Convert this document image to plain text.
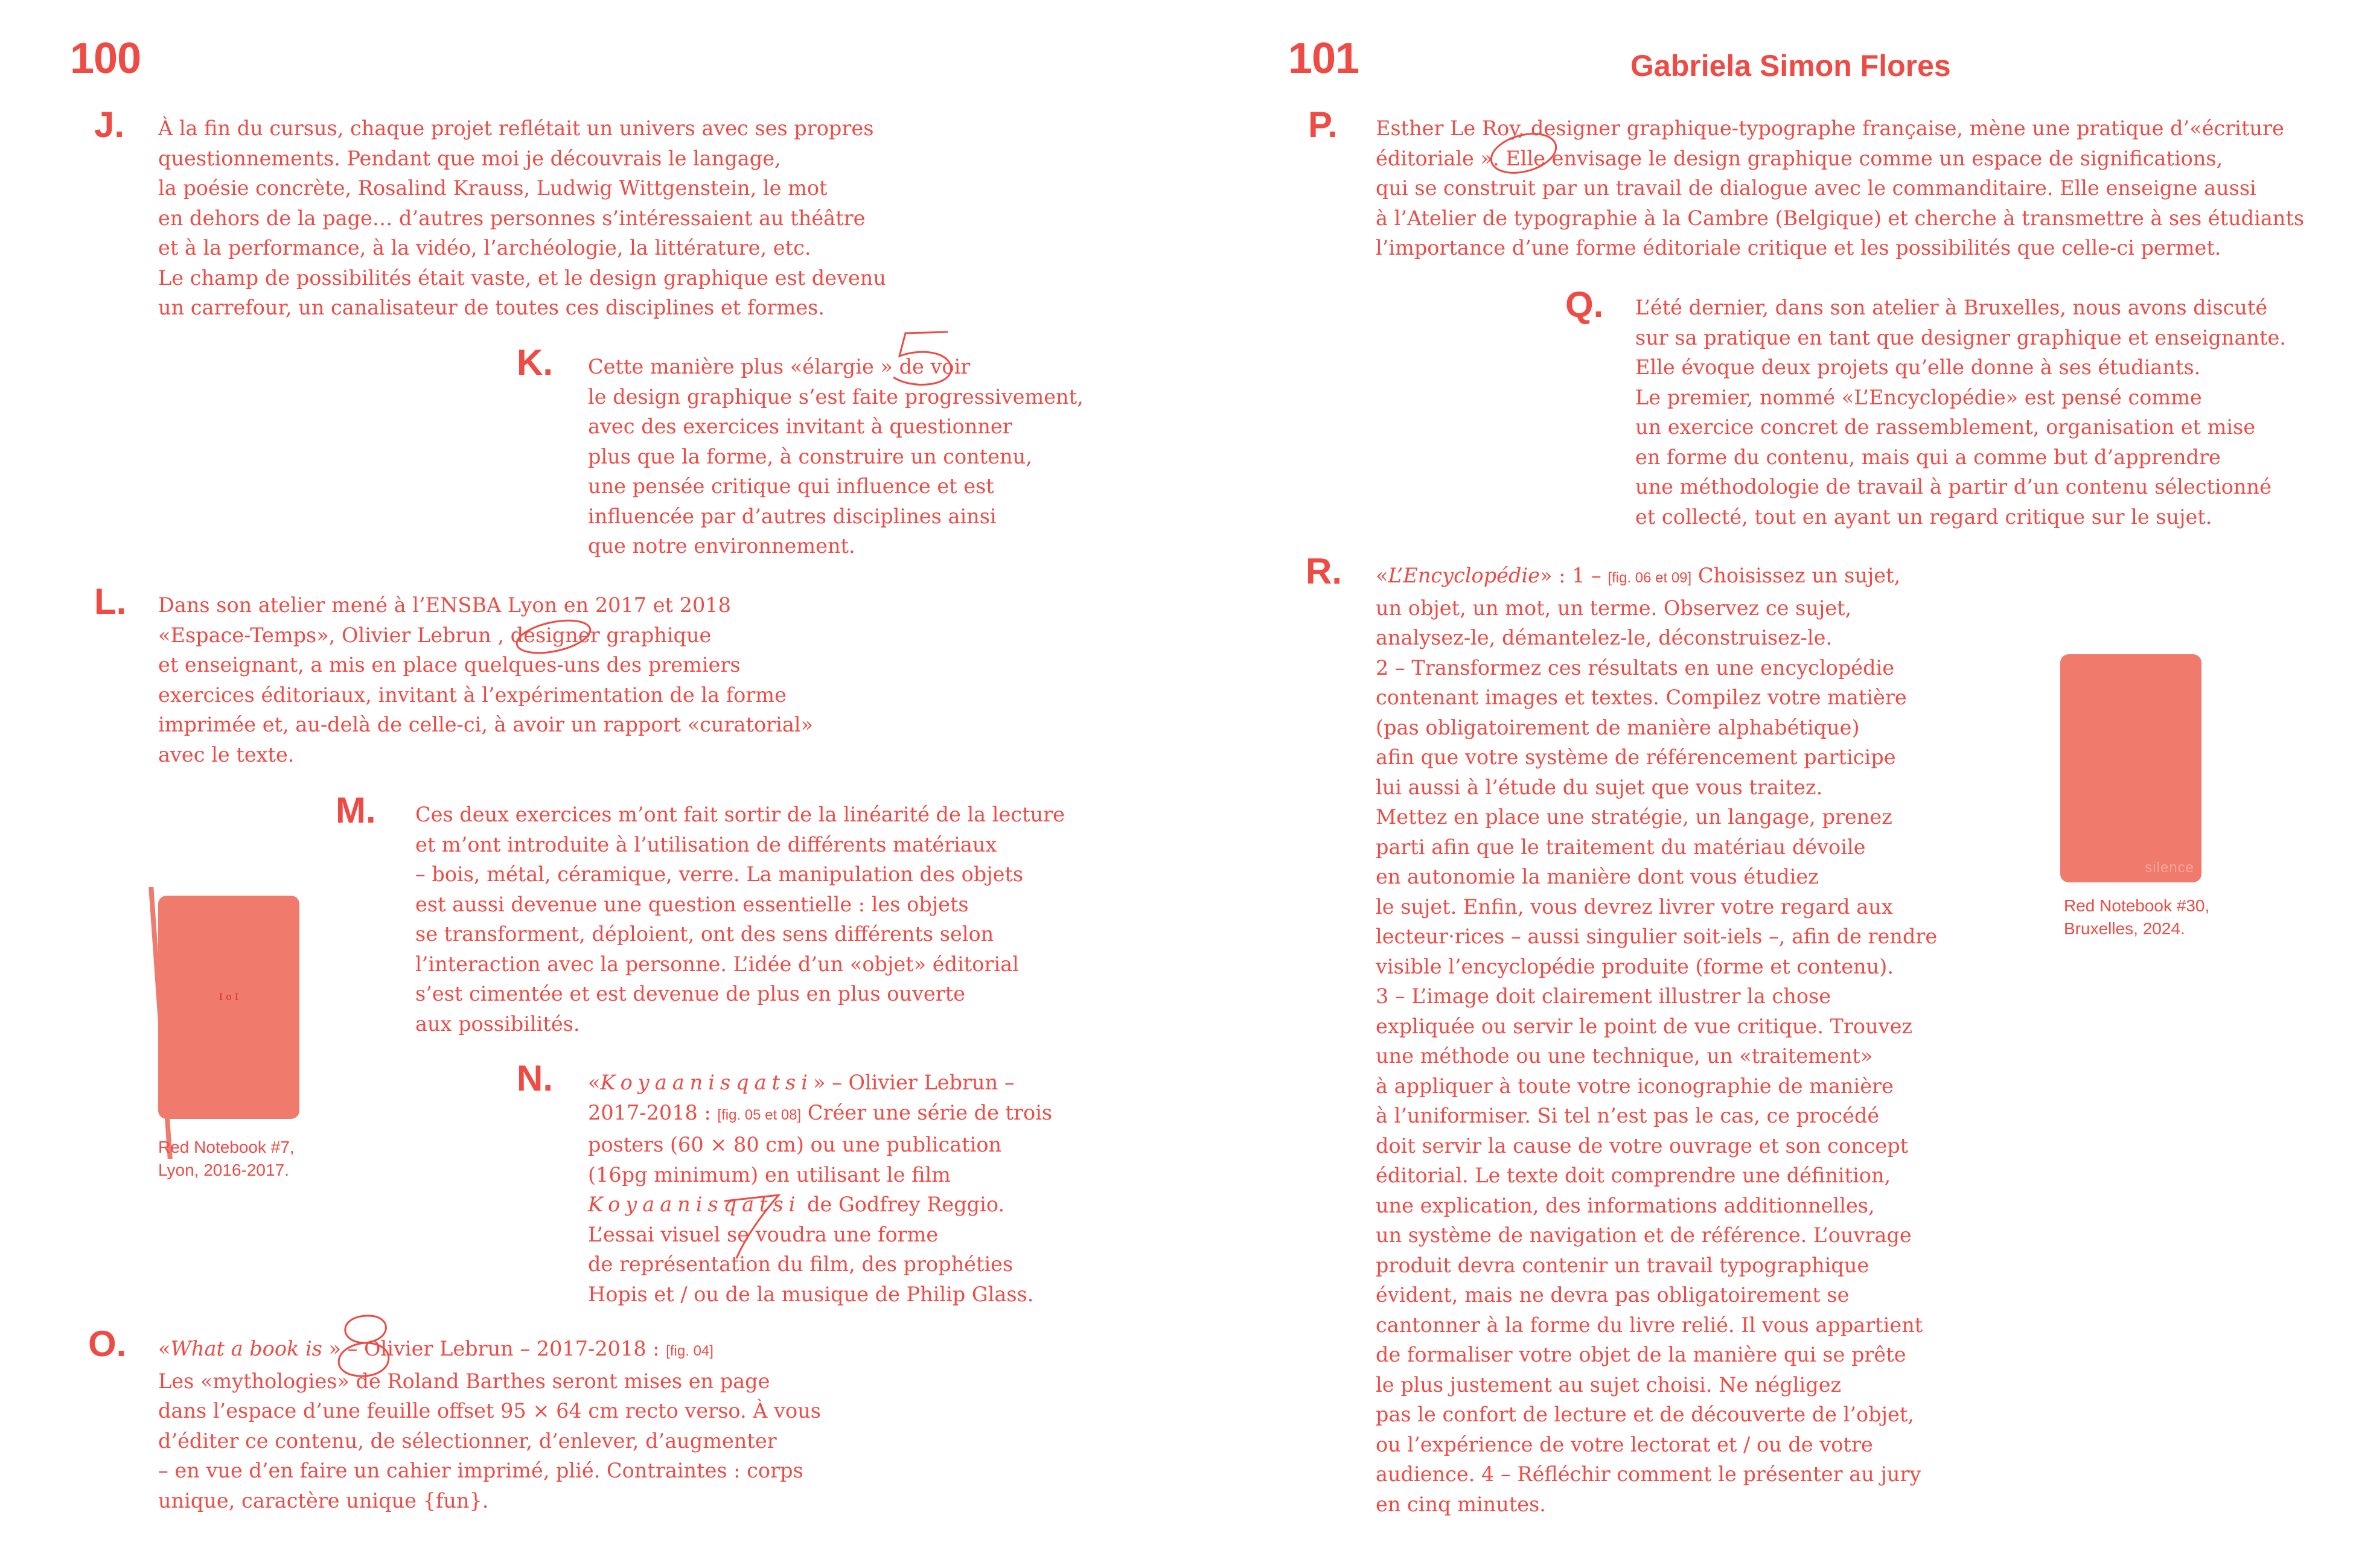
100
J. À la fin du cursus, chaque projet reflétait un univers avec ses propres
questionnements. Pendant que moi je découvrais le langage,
la poésie concrète, Rosalind Krauss, Ludwig Wittgenstein, le mot
en dehors de la page… d’autres personnes s’intéressaient au théâtre
et à la performance, à la vidéo, l’archéologie, la littérature, etc.
Le champ de possibilités était vaste, et le design graphique est devenu
un carrefour, un canalisateur de toutes ces disciplines et formes.
K. Cette manière plus «élargie » de voir
le design graphique s’est faite progressivement,
avec des exercices invitant à questionner
plus que la forme, à construire un contenu,
une pensée critique qui influence et est
influencée par d’autres disciplines ainsi
que notre environnement.
L. Dans son atelier mené à l’ENSBA Lyon en 2017 et 2018
«Espace-Temps», Olivier Lebrun , designer graphique
et enseignant, a mis en place quelques-uns des premiers
exercices éditoriaux, invitant à l’expérimentation de la forme
imprimée et, au-delà de celle-ci, à avoir un rapport «curatorial»
avec le texte.
M. Ces deux exercices m’ont fait sortir de la linéarité de la lecture
et m’ont introduite à l’utilisation de différents matériaux
– bois, métal, céramique, verre. La manipulation des objets
est aussi devenue une question essentielle : les objets
se transforment, déploient, ont des sens différents selon
l’interaction avec la personne. L’idée d’un «objet» éditorial
s’est cimentée et est devenue de plus en plus ouverte
aux possibilités.
I o I
Red Notebook #7,
Lyon, 2016-2017.
N. «Koyaanisqatsi» – Olivier Lebrun –
2017-2018 : [fig. 05 et 08] Créer une série de trois
posters (60 × 80 cm) ou une publication
(16pg minimum) en utilisant le film
Koyaanisqatsi de Godfrey Reggio.
L’essai visuel se voudra une forme
de représentation du film, des prophéties
Hopis et / ou de la musique de Philip Glass.
O. «What a book is » – Olivier Lebrun – 2017-2018 : [fig. 04]
Les «mythologies» de Roland Barthes seront mises en page
dans l’espace d’une feuille offset 95 × 64 cm recto verso. À vous
d’éditer ce contenu, de sélectionner, d’enlever, d’augmenter
– en vue d’en faire un cahier imprimé, plié. Contraintes : corps
unique, caractère unique {fun}.
101	Gabriela Simon Flores
P. Esther Le Roy, designer graphique-typographe française, mène une pratique d’«écriture
éditoriale ». Elle envisage le design graphique comme un espace de significations,
qui se construit par un travail de dialogue avec le commanditaire. Elle enseigne aussi
à l’Atelier de typographie à la Cambre (Belgique) et cherche à transmettre à ses étudiants
l’importance d’une forme éditoriale critique et les possibilités que celle-ci permet.
Q. L’été dernier, dans son atelier à Bruxelles, nous avons discuté
sur sa pratique en tant que designer graphique et enseignante.
Elle évoque deux projets qu’elle donne à ses étudiants.
Le premier, nommé «L’Encyclopédie» est pensé comme
un exercice concret de rassemblement, organisation et mise
en forme du contenu, mais qui a comme but d’apprendre
une méthodologie de travail à partir d’un contenu sélectionné
et collecté, tout en ayant un regard critique sur le sujet.
R. «L’Encyclopédie» : 1 – [fig. 06 et 09] Choisissez un sujet,
un objet, un mot, un terme. Observez ce sujet,
analysez-le, démantelez-le, déconstruisez-le.
2 – Transformez ces résultats en une encyclopédie
contenant images et textes. Compilez votre matière
(pas obligatoirement de manière alphabétique)
afin que votre système de référencement participe
lui aussi à l’étude du sujet que vous traitez.
Mettez en place une stratégie, un langage, prenez
parti afin que le traitement du matériau dévoile
en autonomie la manière dont vous étudiez
le sujet. Enfin, vous devrez livrer votre regard aux
lecteur·rices – aussi singulier soit-iels –, afin de rendre
visible l’encyclopédie produite (forme et contenu).
3 – L’image doit clairement illustrer la chose
expliquée ou servir le point de vue critique. Trouvez
une méthode ou une technique, un «traitement»
à appliquer à toute votre iconographie de manière
à l’uniformiser. Si tel n’est pas le cas, ce procédé
doit servir la cause de votre ouvrage et son concept
éditorial. Le texte doit comprendre une définition,
une explication, des informations additionnelles,
un système de navigation et de référence. L’ouvrage
produit devra contenir un travail typographique
évident, mais ne devra pas obligatoirement se
cantonner à la forme du livre relié. Il vous appartient
de formaliser votre objet de la manière qui se prête
le plus justement au sujet choisi. Ne négligez
pas le confort de lecture et de découverte de l’objet,
ou l’expérience de votre lectorat et / ou de votre
audience. 4 – Réfléchir comment le présenter au jury
en cinq minutes.
silence
Red Notebook #30,
Bruxelles, 2024.
